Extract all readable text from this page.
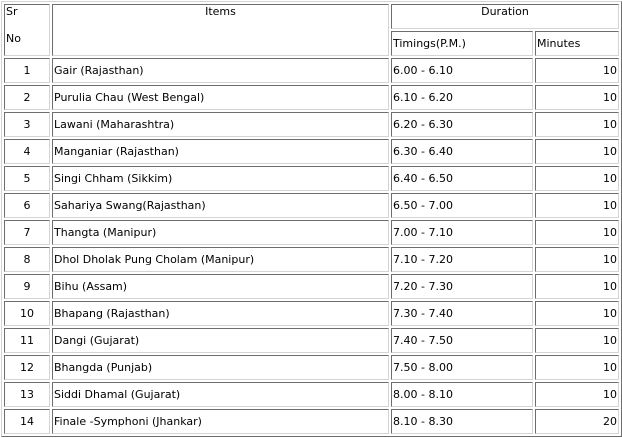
Sr
No	Items	Duration	
		Timings(P.M.)	Minutes
1	Gair (Rajasthan)	6.00 - 6.10	10
2	Purulia Chau (West Bengal)	6.10 - 6.20	10
3	Lawani (Maharashtra)	6.20 - 6.30	10
4	Manganiar (Rajasthan)	6.30 - 6.40	10
5	Singi Chham (Sikkim)	6.40 - 6.50	10
6	Sahariya Swang(Rajasthan)	6.50 - 7.00	10
7	Thangta (Manipur)	7.00 - 7.10	10
8	Dhol Dholak Pung Cholam (Manipur)	7.10 - 7.20	10
9	Bihu (Assam)	7.20 - 7.30	10
10	Bhapang (Rajasthan)	7.30 - 7.40	10
11	Dangi (Gujarat)	7.40 - 7.50	10
12	Bhangda (Punjab)	7.50 - 8.00	10
13	Siddi Dhamal (Gujarat)	8.00 - 8.10	10
14	Finale -Symphoni (Jhankar)	8.10 - 8.30	20
